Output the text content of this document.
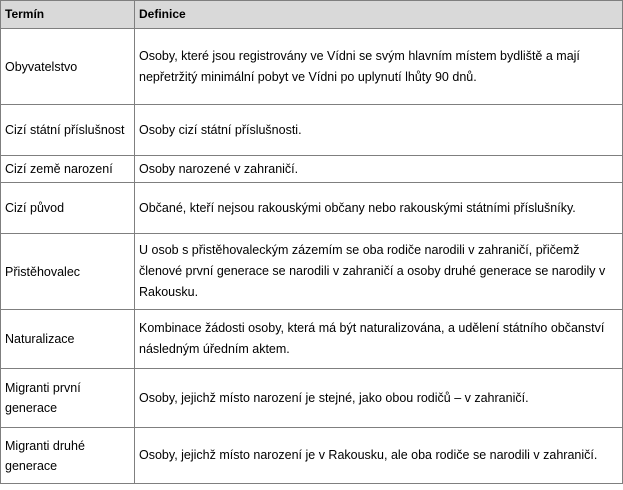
Termín	Definice
Obyvatelstvo	Osoby, které jsou registrovány ve Vídni se svým hlavním místem bydliště a mají nepřetržitý minimální pobyt ve Vídni po uplynutí lhůty 90 dnů.
Cizí státní příslušnost	Osoby cizí státní příslušnosti.
Cizí země narození	Osoby narozené v zahraničí.
Cizí původ	Občané, kteří nejsou rakouskými občany nebo rakouskými státními příslušníky.
Přistěhovalec	U osob s přistěhovaleckým zázemím se oba rodiče narodili v zahraničí, přičemž členové první generace se narodili v zahraničí a osoby druhé generace se narodily v Rakousku.
Naturalizace	Kombinace žádosti osoby, která má být naturalizována, a udělení státního občanství následným úředním aktem.
Migranti první generace	Osoby, jejichž místo narození je stejné, jako obou rodičů – v zahraničí.
Migranti druhé generace	Osoby, jejichž místo narození je v Rakousku, ale oba rodiče se narodili v zahraničí.
